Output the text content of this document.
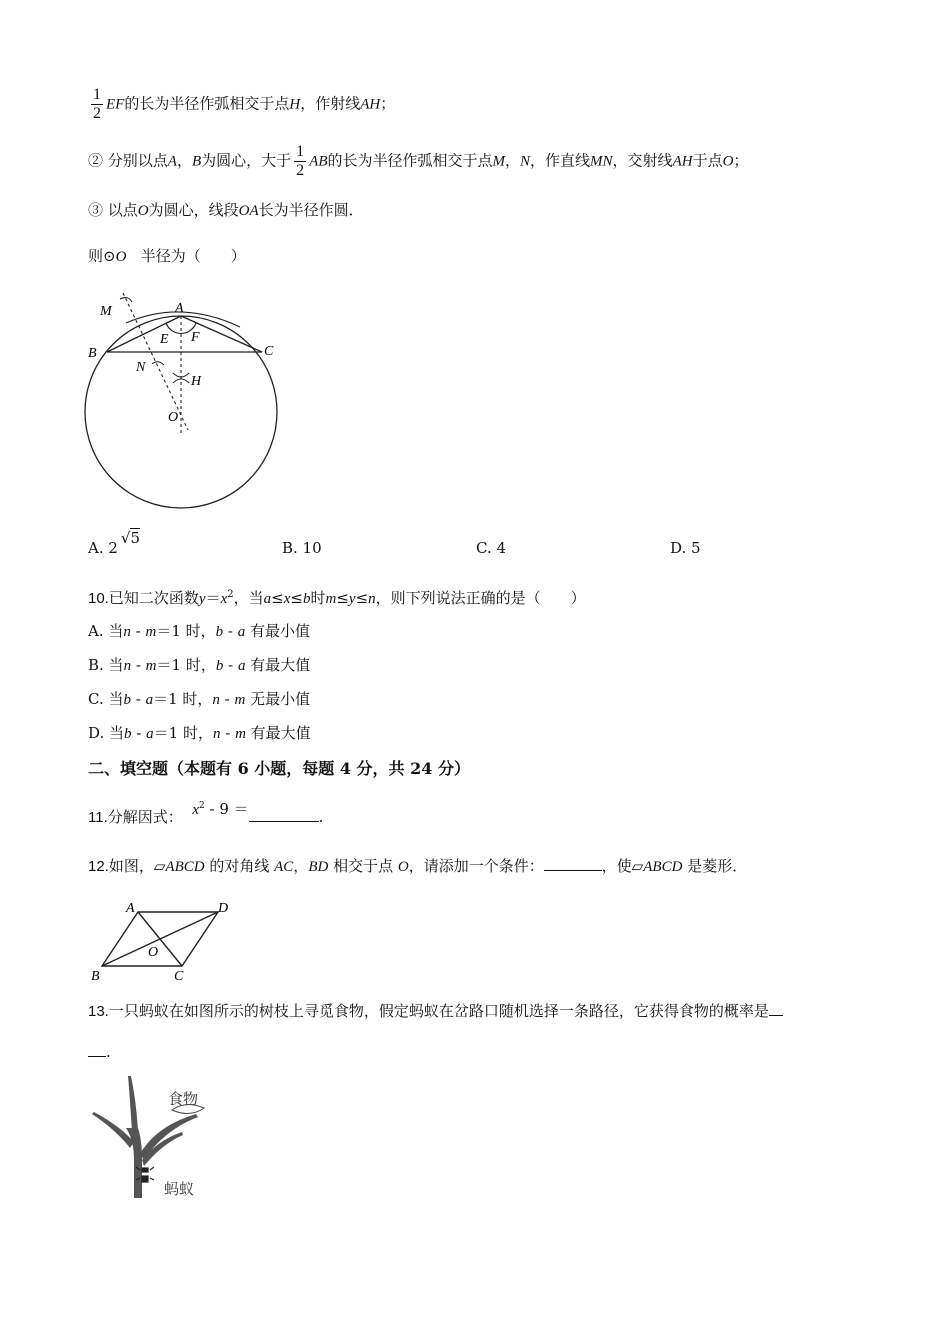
$\frac{1}{2}$ EF的长为半径作弧相交于点H，作射线AH；
② 分别以点A，B为圆心，大于 $\frac{1}{2}$ AB的长为半径作弧相交于点M，N，作直线MN，交射线AH于点O；
③ 以点O为圆心，线段OA长为半径作圆．
则⊙O 半径为（　　）
M	A
E F
B	C
N
H
O
A. 2√5
B. 10	C. 4	D. 5
10.已知二次函数$y=x^2$，当a≤x≤b时m≤y≤n，则下列说法正确的是（　　）
A. 当n - m＝1 时，b - a 有最小值
B. 当n - m＝1 时，b - a 有最大值
C. 当b - a＝1 时，n - m 无最小值
D. 当b - a＝1 时，n - m 有最大值
二、填空题（本题有 6 小题，每题 4 分，共 24 分）
11.分解因式： $x^2 - 9$ ＝	.
12.如图，▱ABCD 的对角线 AC，BD 相交于点 O，请添加一个条件：	，使▱ABCD 是菱形．
A	D
O
B	C
13.一只蚂蚁在如图所示的树枝上寻觅食物，假定蚂蚁在岔路口随机选择一条路径，它获得食物的概率是
.
食物
蚂蚁
